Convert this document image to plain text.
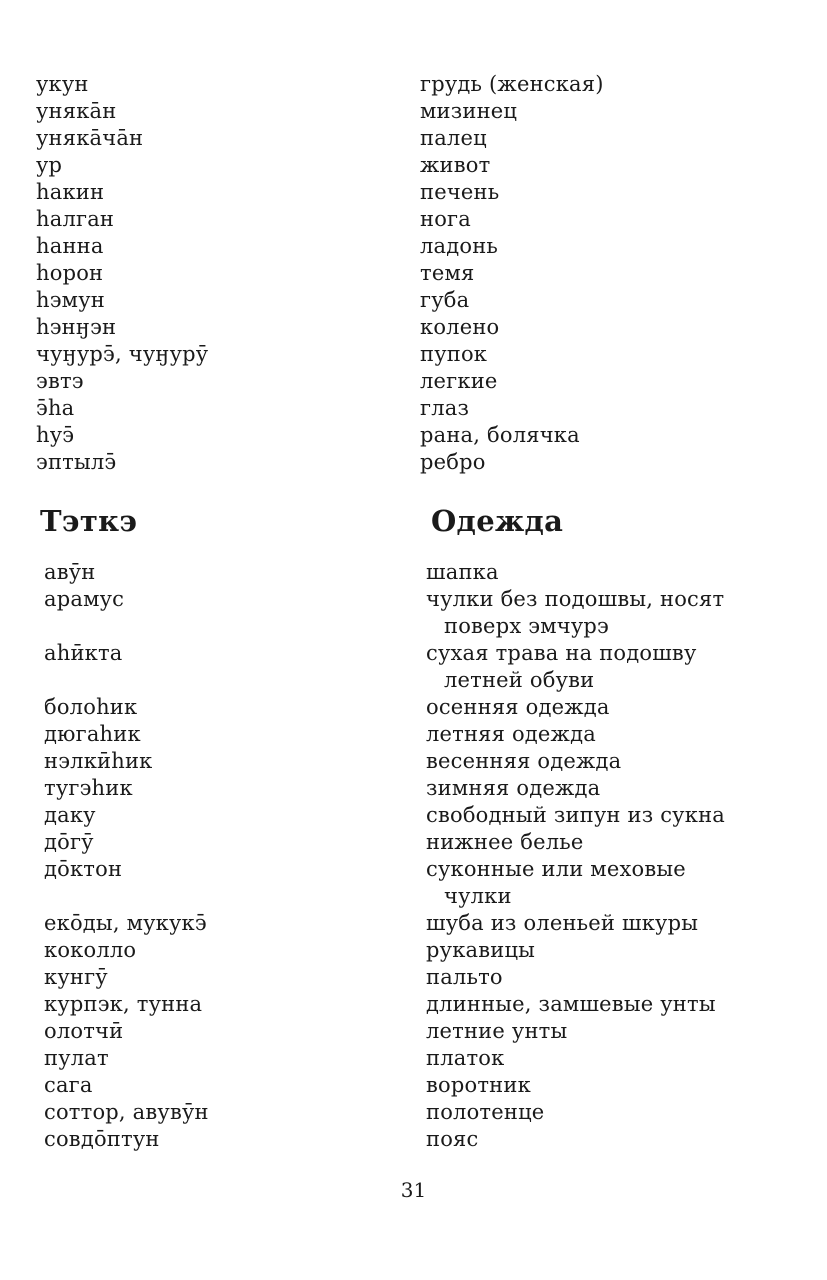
укун	грудь (женская)
унякāн	мизинец
унякāчāн	палец
ур	живот
һакин	печень
һалган	нога
һанна	ладонь
һорон	темя
һэмун	губа
һэнӈэн	колено
чуӈурэ̄, чуӈурӯ	пупок
эвтэ	легкие
э̄һа	глаз
һуэ̄	рана, болячка
эптылэ̄	ребро
Тэткэ	Одежда
авӯн	шапка
арамус	чулки без подошвы, носят
поверх эмчурэ
аһӣкта	сухая трава на подошву
летней обуви
болоһик	осенняя одежда
дюгаһик	летняя одежда
нэлкӣһик	весенняя одежда
тугэһик	зимняя одежда
даку	свободный зипун из сукна
до̄гӯ	нижнее белье
до̄ктон	суконные или меховые
чулки
еко̄ды, мукукэ̄	шуба из оленьей шкуры
коколло	рукавицы
кунгӯ	пальто
курпэк, тунна	длинные, замшевые унты
олотчӣ	летние унты
пулат	платок
сага	воротник
соттор, авувӯн	полотенце
совдо̄птун	пояс
31
